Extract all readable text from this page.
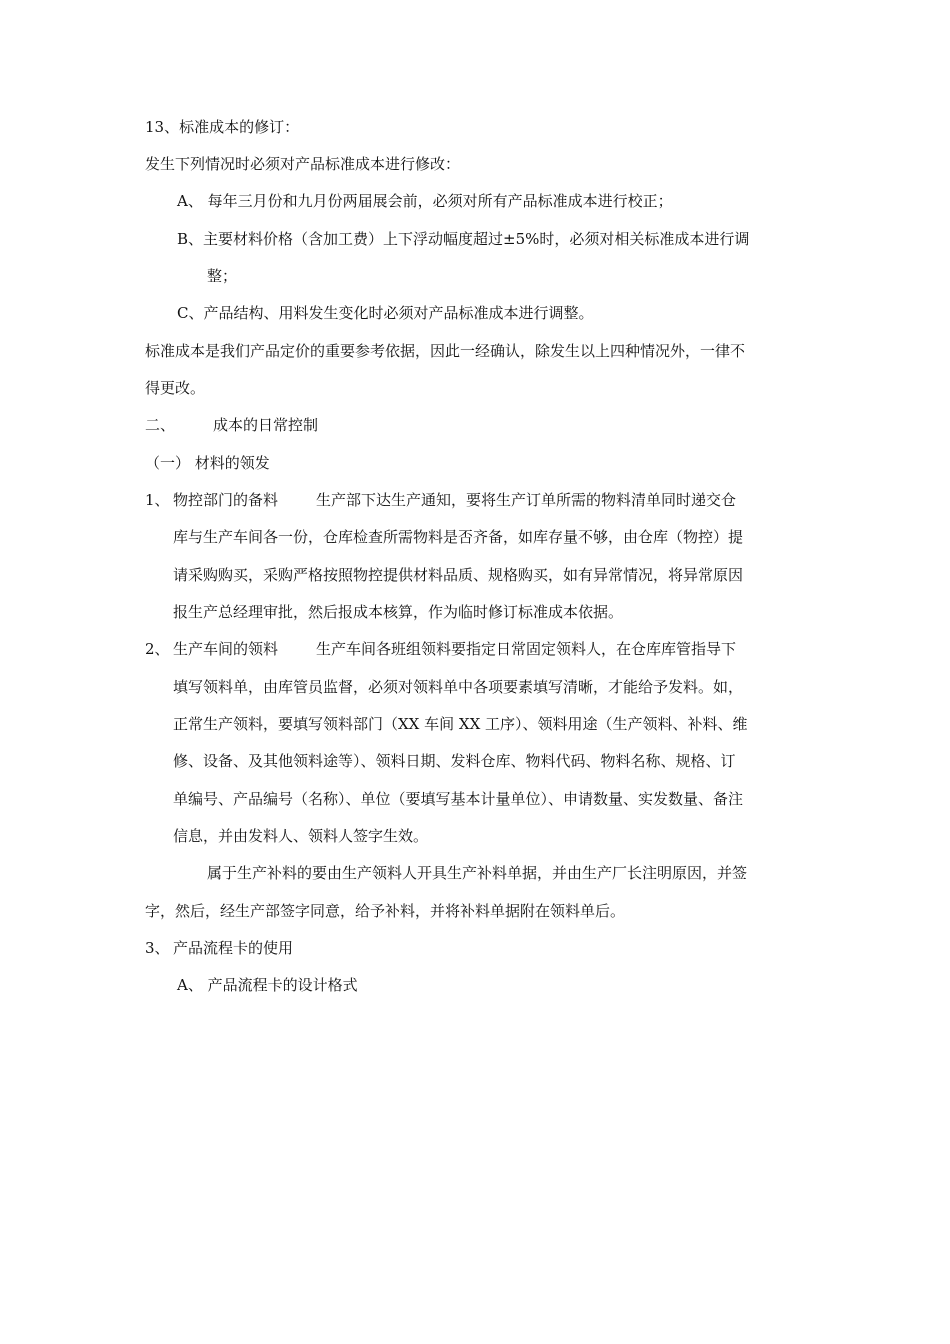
13、标准成本的修订：
发生下列情况时必须对产品标准成本进行修改：
A、 每年三月份和九月份两届展会前，必须对所有产品标准成本进行校正；
B、主要材料价格（含加工费）上下浮动幅度超过±5%时，必须对相关标准成本进行调
整；
C、产品结构、用料发生变化时必须对产品标准成本进行调整。
标准成本是我们产品定价的重要参考依据，因此一经确认，除发生以上四种情况外，一律不
得更改。
二、	成本的日常控制
（一） 材料的领发
1、 物控部门的备料	生产部下达生产通知，要将生产订单所需的物料清单同时递交仓
库与生产车间各一份，仓库检查所需物料是否齐备，如库存量不够，由仓库（物控）提
请采购购买，采购严格按照物控提供材料品质、规格购买，如有异常情况，将异常原因
报生产总经理审批，然后报成本核算，作为临时修订标准成本依据。
2、 生产车间的领料	生产车间各班组领料要指定日常固定领料人，在仓库库管指导下
填写领料单，由库管员监督，必须对领料单中各项要素填写清晰，才能给予发料。如，
正常生产领料，要填写领料部门（XX 车间 XX 工序）、领料用途（生产领料、补料、维
修、设备、及其他领料途等）、领料日期、发料仓库、物料代码、物料名称、规格、订
单编号、产品编号（名称）、单位（要填写基本计量单位）、申请数量、实发数量、备注
信息，并由发料人、领料人签字生效。
属于生产补料的要由生产领料人开具生产补料单据，并由生产厂长注明原因，并签
字，然后，经生产部签字同意，给予补料，并将补料单据附在领料单后。
3、 产品流程卡的使用
A、 产品流程卡的设计格式
